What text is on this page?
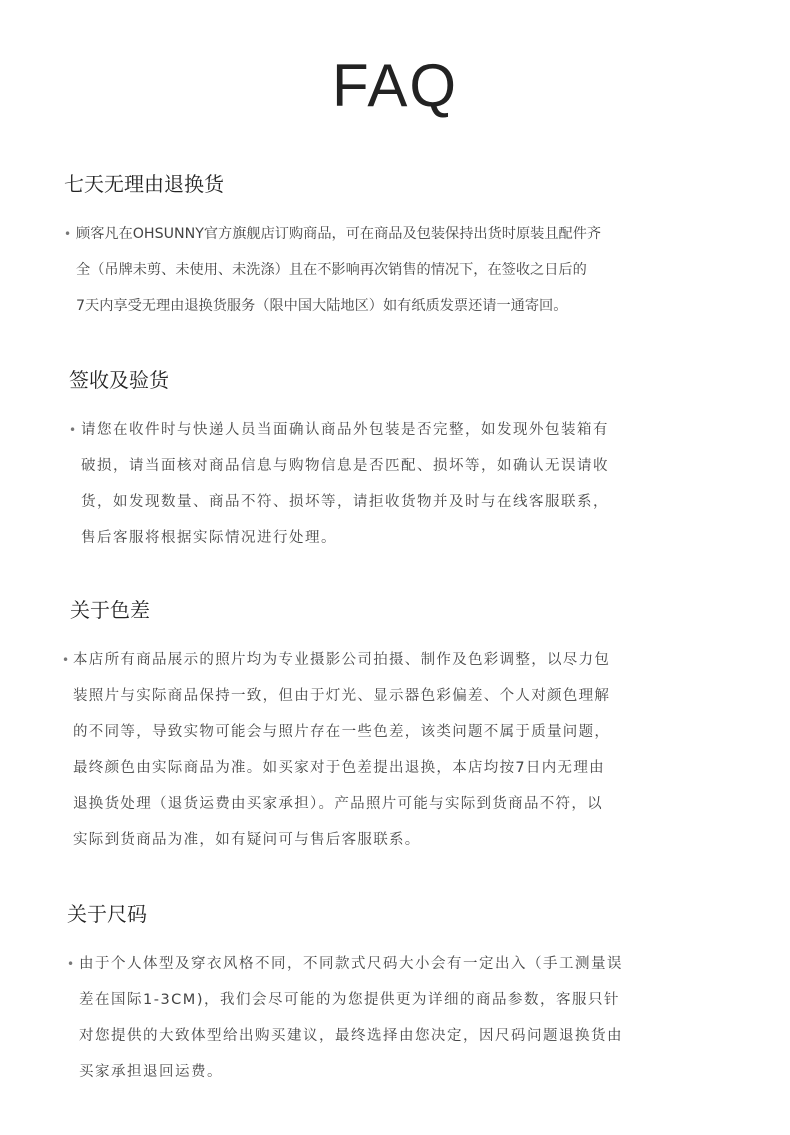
FAQ
七天无理由退换货
• 顾客凡在OHSUNNY官方旗舰店订购商品，可在商品及包装保持出货时原装且配件齐
全（吊牌未剪、未使用、未洗涤）且在不影响再次销售的情况下，在签收之日后的
7天内享受无理由退换货服务（限中国大陆地区）如有纸质发票还请一通寄回。
签收及验货
• 请您在收件时与快递人员当面确认商品外包装是否完整，如发现外包装箱有
破损，请当面核对商品信息与购物信息是否匹配、损坏等，如确认无误请收
货，如发现数量、商品不符、损坏等，请拒收货物并及时与在线客服联系，
售后客服将根据实际情况进行处理。
关于色差
• 本店所有商品展示的照片均为专业摄影公司拍摄、制作及色彩调整，以尽力包
装照片与实际商品保持一致，但由于灯光、显示器色彩偏差、个人对颜色理解
的不同等，导致实物可能会与照片存在一些色差，该类问题不属于质量问题，
最终颜色由实际商品为准。如买家对于色差提出退换，本店均按7日内无理由
退换货处理（退货运费由买家承担）。产品照片可能与实际到货商品不符，以
实际到货商品为准，如有疑问可与售后客服联系。
关于尺码
• 由于个人体型及穿衣风格不同，不同款式尺码大小会有一定出入（手工测量误
差在国际1-3CM)，我们会尽可能的为您提供更为详细的商品参数，客服只针
对您提供的大致体型给出购买建议，最终选择由您决定，因尺码问题退换货由
买家承担退回运费。
